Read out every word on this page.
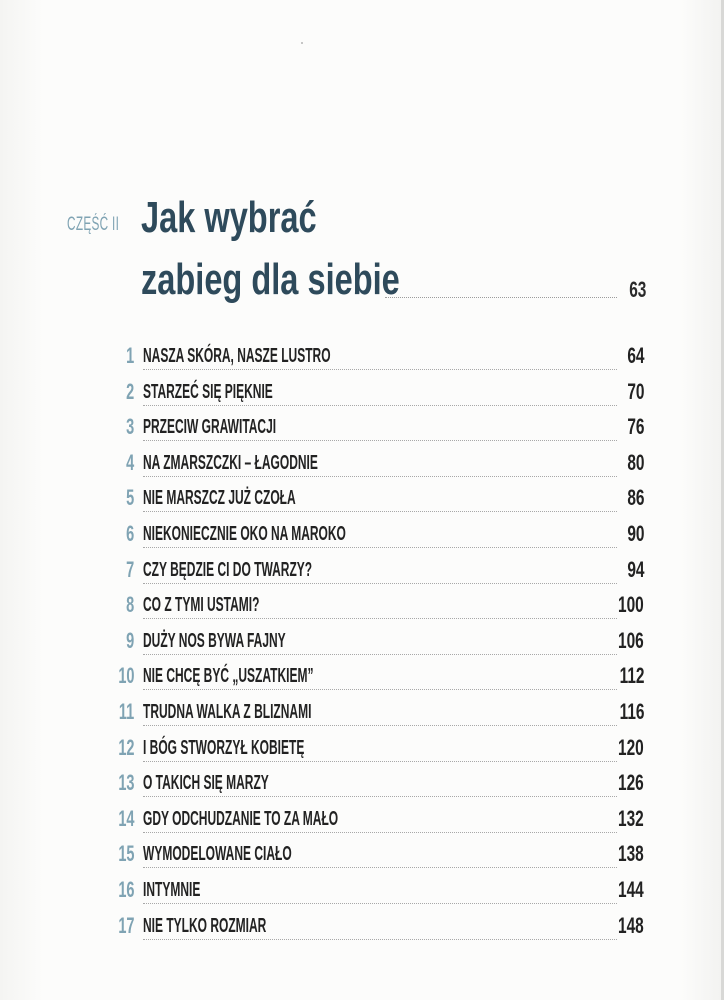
CZĘŚĆ II Jak wybrać
zabieg dla siebie	63
1 NASZA SKÓRA, NASZE LUSTRO	64
2 STARZEĆ SIĘ PIĘKNIE	70
3 PRZECIW GRAWITACJI	76
4 NA ZMARSZCZKI – ŁAGODNIE	80
5 NIE MARSZCZ JUŻ CZOŁA	86
6 NIEKONIECZNIE OKO NA MAROKO	90
7 CZY BĘDZIE CI DO TWARZY?	94
8 CO Z TYMI USTAMI?	100
9 DUŻY NOS BYWA FAJNY	106
10 NIE CHCĘ BYĆ „USZATKIEM”	112
11 TRUDNA WALKA Z BLIZNAMI	116
12 I BÓG STWORZYŁ KOBIETĘ	120
13 O TAKICH SIĘ MARZY	126
14 GDY ODCHUDZANIE TO ZA MAŁO	132
15 WYMODELOWANE CIAŁO	138
16 INTYMNIE	144
17 NIE TYLKO ROZMIAR	148
